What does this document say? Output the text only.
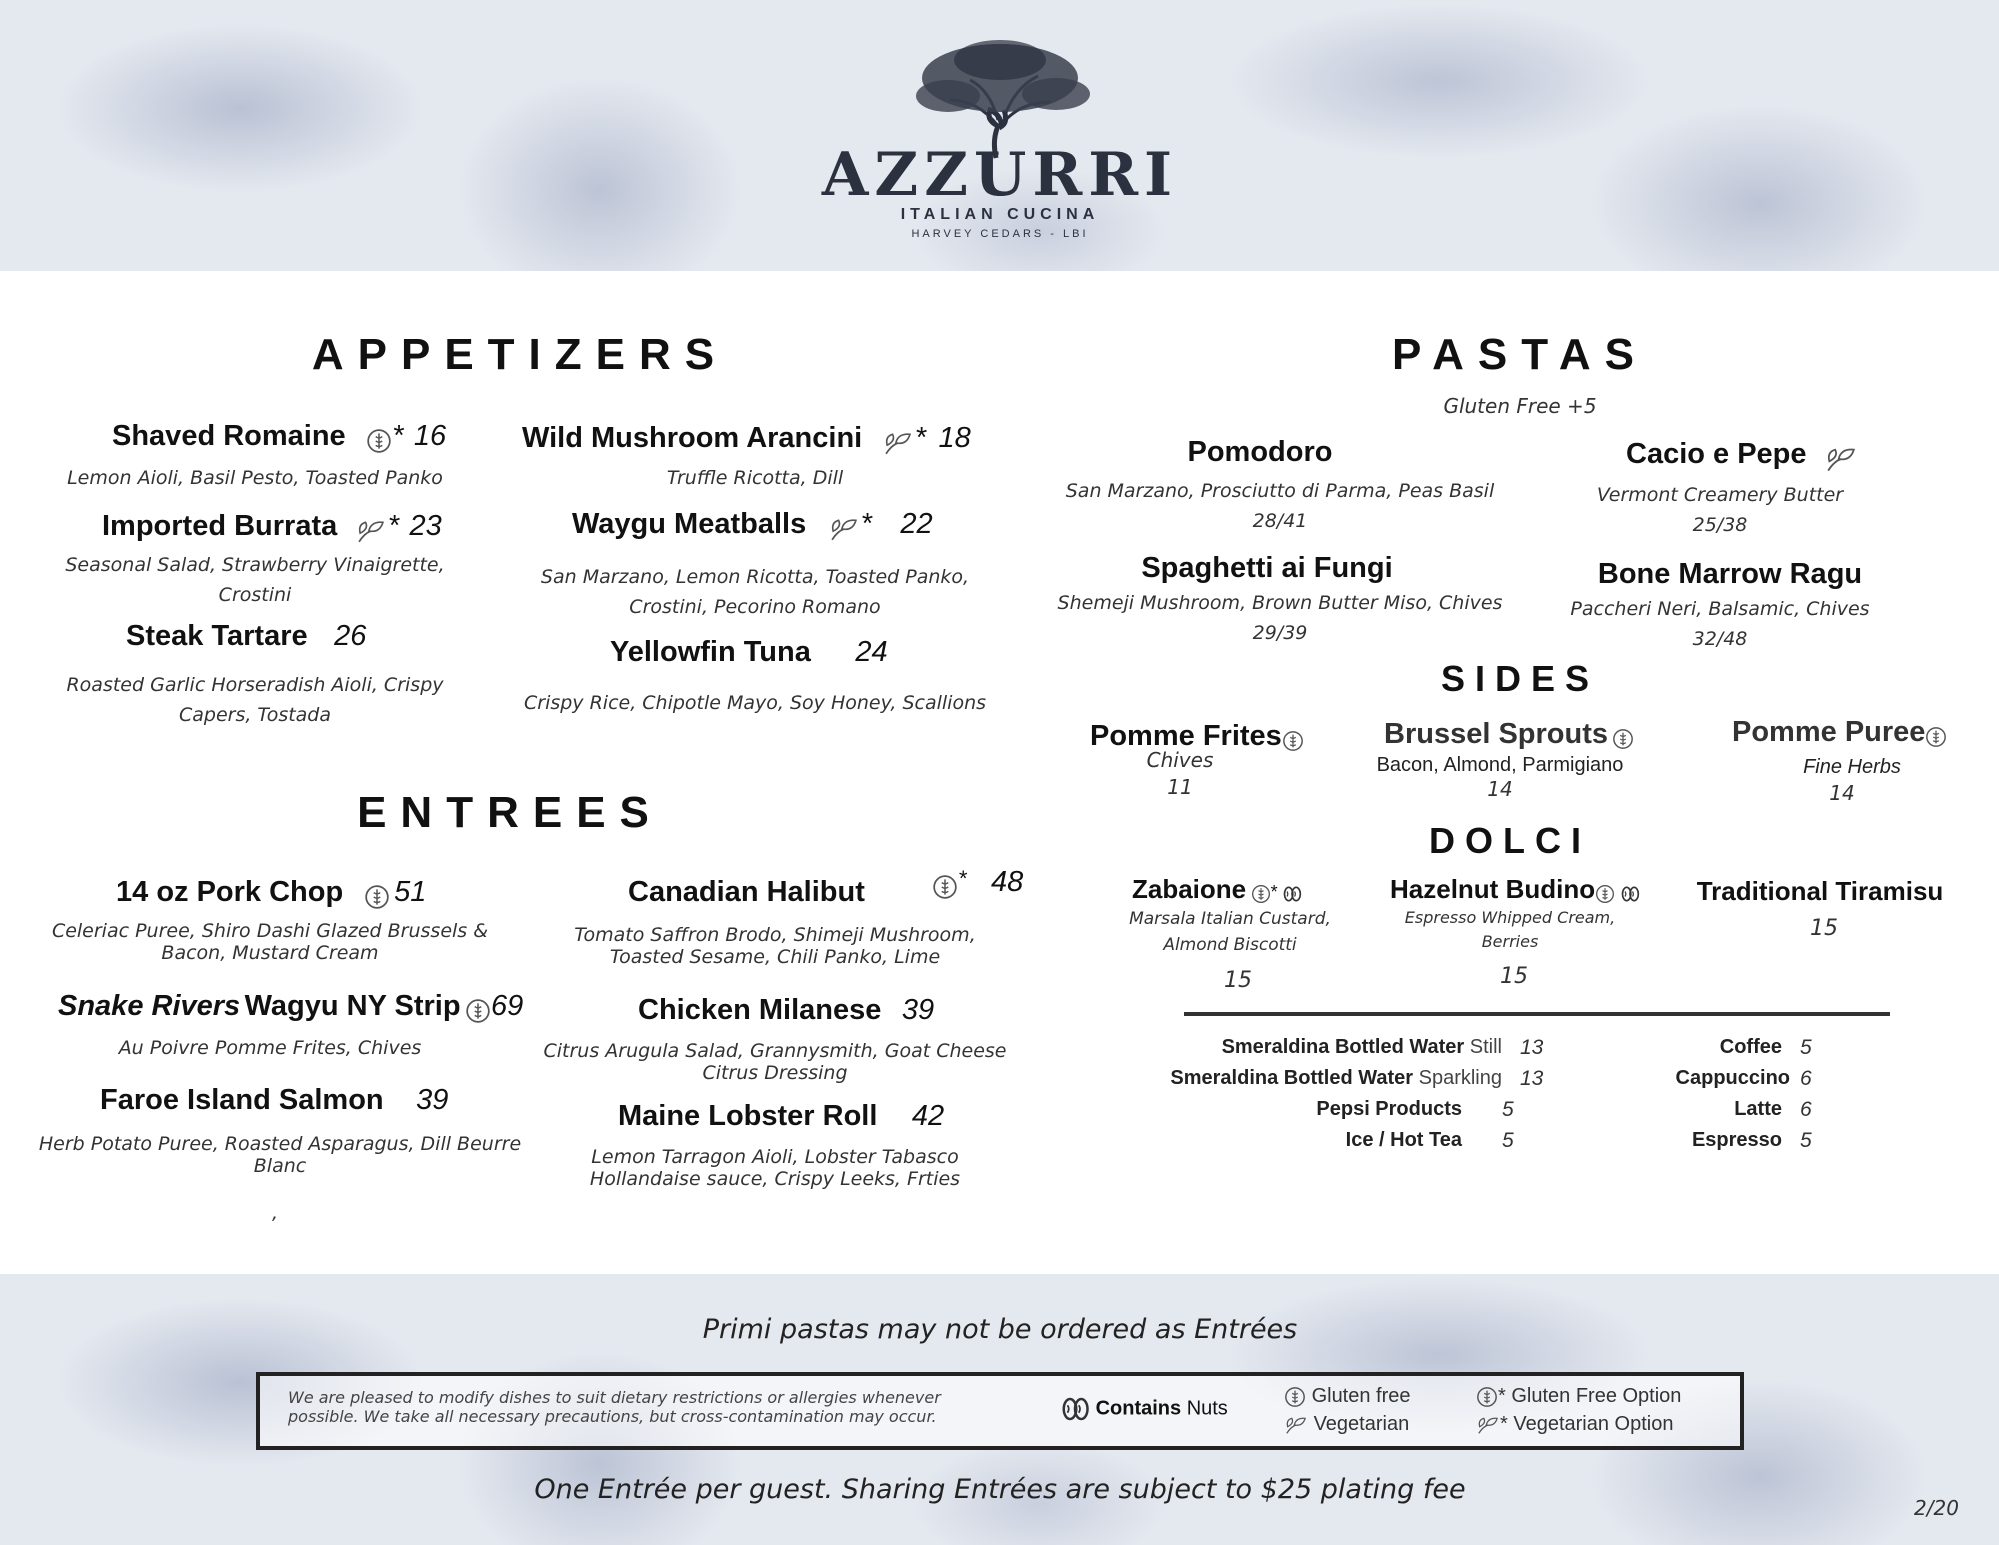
AZZURRI
ITALIAN CUCINA
HARVEY CEDARS - LBI
APPETIZERS
Shaved Romaine * 16
Lemon Aioli, Basil Pesto, Toasted Panko
Imported Burrata * 23
Seasonal Salad, Strawberry Vinaigrette,
Crostini
Steak Tartare 26
Roasted Garlic Horseradish Aioli, Crispy
Capers, Tostada
Wild Mushroom Arancini * 18
Truffle Ricotta, Dill
Waygu Meatballs * 22
San Marzano, Lemon Ricotta, Toasted Panko,
Crostini, Pecorino Romano
Yellowfin Tuna 24
Crispy Rice, Chipotle Mayo, Soy Honey, Scallions
ENTREES
14 oz Pork Chop 51
Celeriac Puree, Shiro Dashi Glazed Brussels &
Bacon, Mustard Cream
Snake Rivers Wagyu NY Strip 69
Au Poivre Pomme Frites, Chives
Faroe Island Salmon 39
Herb Potato Puree, Roasted Asparagus, Dill Beurre
Blanc
,
Canadian Halibut	* 48
Tomato Saffron Brodo, Shimeji Mushroom,
Toasted Sesame, Chili Panko, Lime
Chicken Milanese 39
Citrus Arugula Salad, Grannysmith, Goat Cheese
Citrus Dressing
Maine Lobster Roll 42
Lemon Tarragon Aioli, Lobster Tabasco
Hollandaise sauce, Crispy Leeks, Frties
PASTAS
Gluten Free +5
Pomodoro
San Marzano, Prosciutto di Parma, Peas Basil
28/41
Spaghetti ai Fungi
Shemeji Mushroom, Brown Butter Miso, Chives
29/39
Cacio e Pepe
Vermont Creamery Butter
25/38
Bone Marrow Ragu
Paccheri Neri, Balsamic, Chives
32/48
SIDES
Pomme Frites
Chives
11
Brussel Sprouts
Bacon, Almond, Parmigiano
14
Pomme Puree
Fine Herbs
14
DOLCI
Zabaione *
Marsala Italian Custard,
Almond Biscotti
15
Hazelnut Budino
Espresso Whipped Cream,
Berries
15
Traditional Tiramisu
15
Smeraldina Bottled Water Still 13
Smeraldina Bottled Water Sparkling 13
Pepsi Products 5
Ice / Hot Tea 5
Coffee 5
Cappuccino 6
Latte 6
Espresso 5
Primi pastas may not be ordered as Entrées
We are pleased to modify dishes to suit dietary restrictions or allergies whenever
possible. We take all necessary precautions, but cross-contamination may occur.	Contains Nuts
Gluten free
Vegetarian
* Gluten Free Option
* Vegetarian Option
One Entrée per guest. Sharing Entrées are subject to $25 plating fee
2/20
